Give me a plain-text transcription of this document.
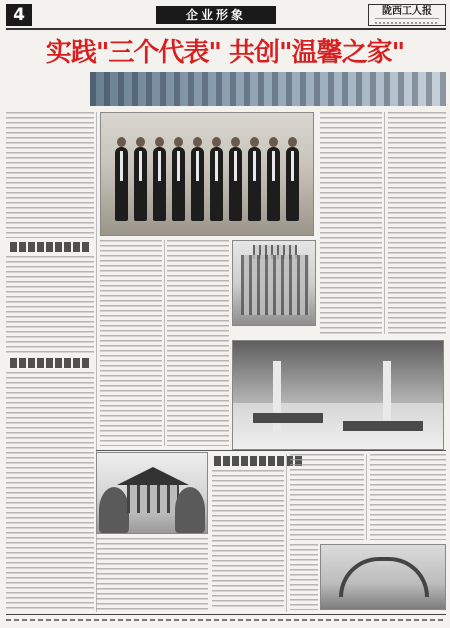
4	企业形象	陇西工人报
实践"三个代表" 共创"温馨之家"
